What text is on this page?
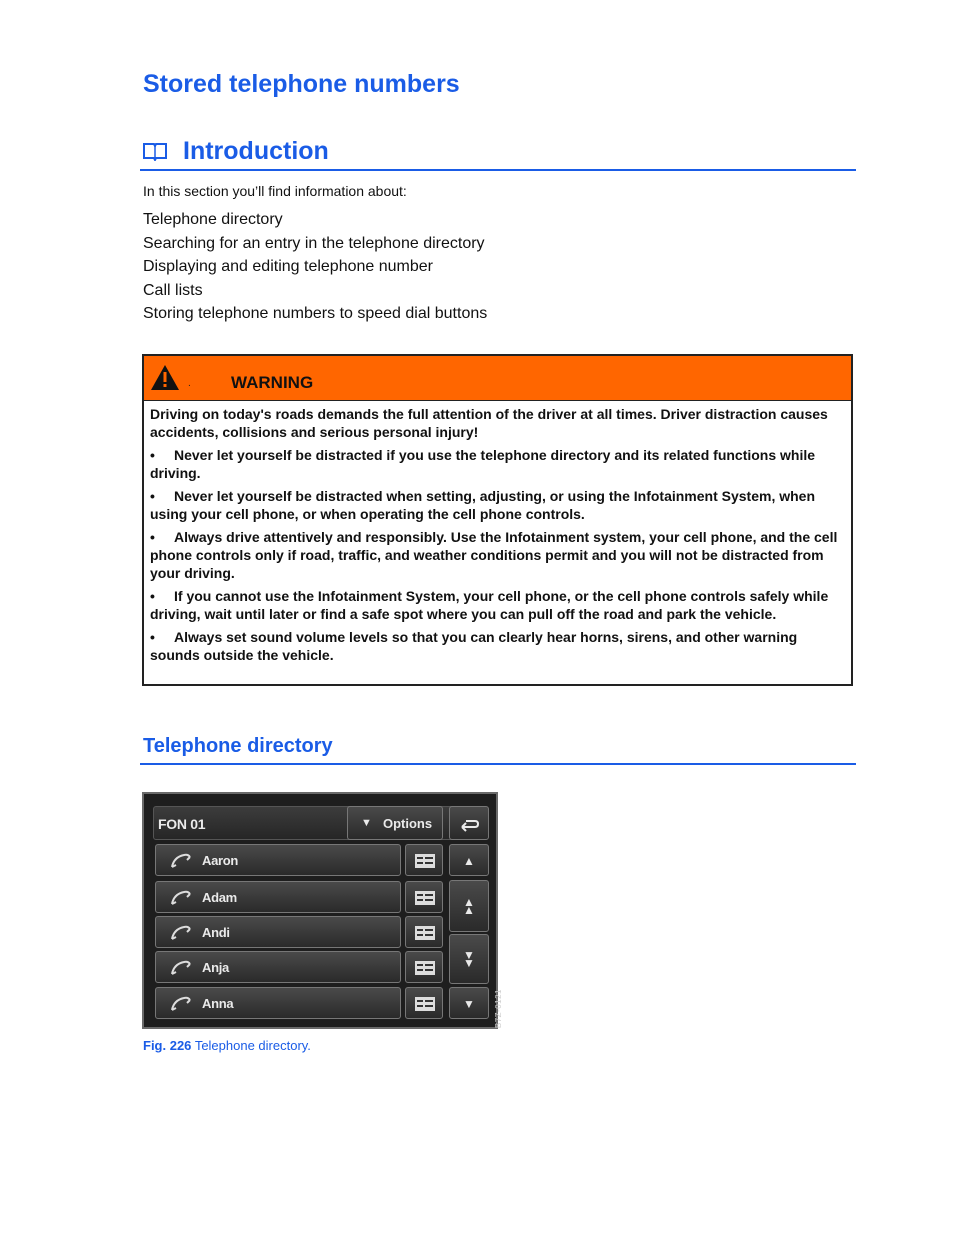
Stored telephone numbers
Introduction
In this section you’ll find information about:
Telephone directory
Searching for an entry in the telephone directory
Displaying and editing telephone number
Call lists
Storing telephone numbers to speed dial buttons
. WARNING

Driving on today's roads demands the full attention of the driver at all times. Driver distraction causes accidents, collisions and serious personal injury!

• Never let yourself be distracted if you use the telephone directory and its related functions while driving.

• Never let yourself be distracted when setting, adjusting, or using the Infotainment System, when using your cell phone, or when operating the cell phone controls.

• Always drive attentively and responsibly. Use the Infotainment system, your cell phone, and the cell phone controls only if road, traffic, and weather conditions permit and you will not be distracted from your driving.

• If you cannot use the Infotainment System, your cell phone, or the cell phone controls safely while driving, wait until later or find a safe spot where you can pull off the road and park the vehicle.

• Always set sound volume levels so that you can clearly hear horns, sirens, and other warning sounds outside the vehicle.

Telephone directory
FON 01	▼ Options
Aaron
Adam
Andi
Anja
Anna
▲
▲
▲
▼
▼
▼	B7Z-0121
Fig. 226 Telephone directory.
